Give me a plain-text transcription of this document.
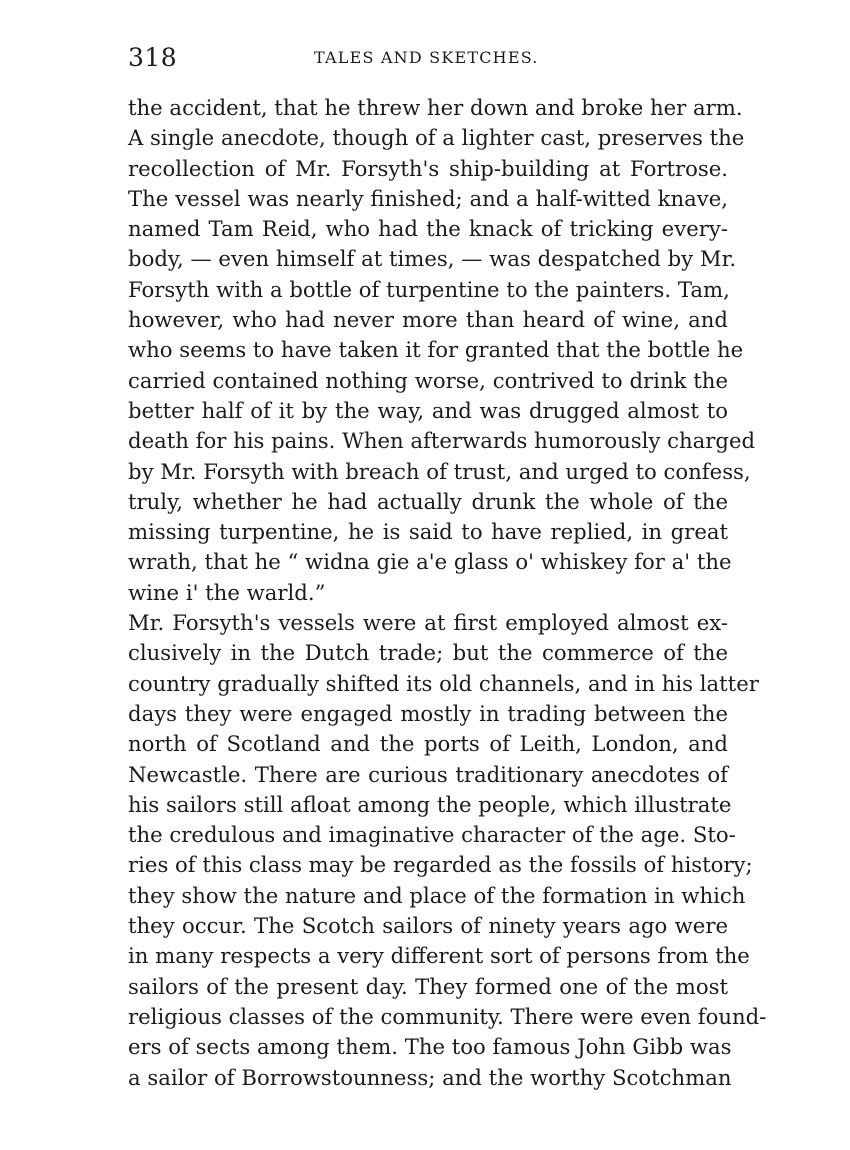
318	TALES AND SKETCHES.
the accident, that he threw her down and broke her arm.
A single anecdote, though of a lighter cast, preserves the
recollection of Mr. Forsyth's ship-building at Fortrose.
The vessel was nearly finished; and a half-witted knave,
named Tam Reid, who had the knack of tricking every-
body, — even himself at times, — was despatched by Mr.
Forsyth with a bottle of turpentine to the painters. Tam,
however, who had never more than heard of wine, and
who seems to have taken it for granted that the bottle he
carried contained nothing worse, contrived to drink the
better half of it by the way, and was drugged almost to
death for his pains. When afterwards humorously charged
by Mr. Forsyth with breach of trust, and urged to confess,
truly, whether he had actually drunk the whole of the
missing turpentine, he is said to have replied, in great
wrath, that he “ widna gie a'e glass o' whiskey for a' the
wine i' the warld.”
Mr. Forsyth's vessels were at first employed almost ex-
clusively in the Dutch trade; but the commerce of the
country gradually shifted its old channels, and in his latter
days they were engaged mostly in trading between the
north of Scotland and the ports of Leith, London, and
Newcastle. There are curious traditionary anecdotes of
his sailors still afloat among the people, which illustrate
the credulous and imaginative character of the age. Sto-
ries of this class may be regarded as the fossils of history;
they show the nature and place of the formation in which
they occur. The Scotch sailors of ninety years ago were
in many respects a very different sort of persons from the
sailors of the present day. They formed one of the most
religious classes of the community. There were even found-
ers of sects among them. The too famous John Gibb was
a sailor of Borrowstounness; and the worthy Scotchman
